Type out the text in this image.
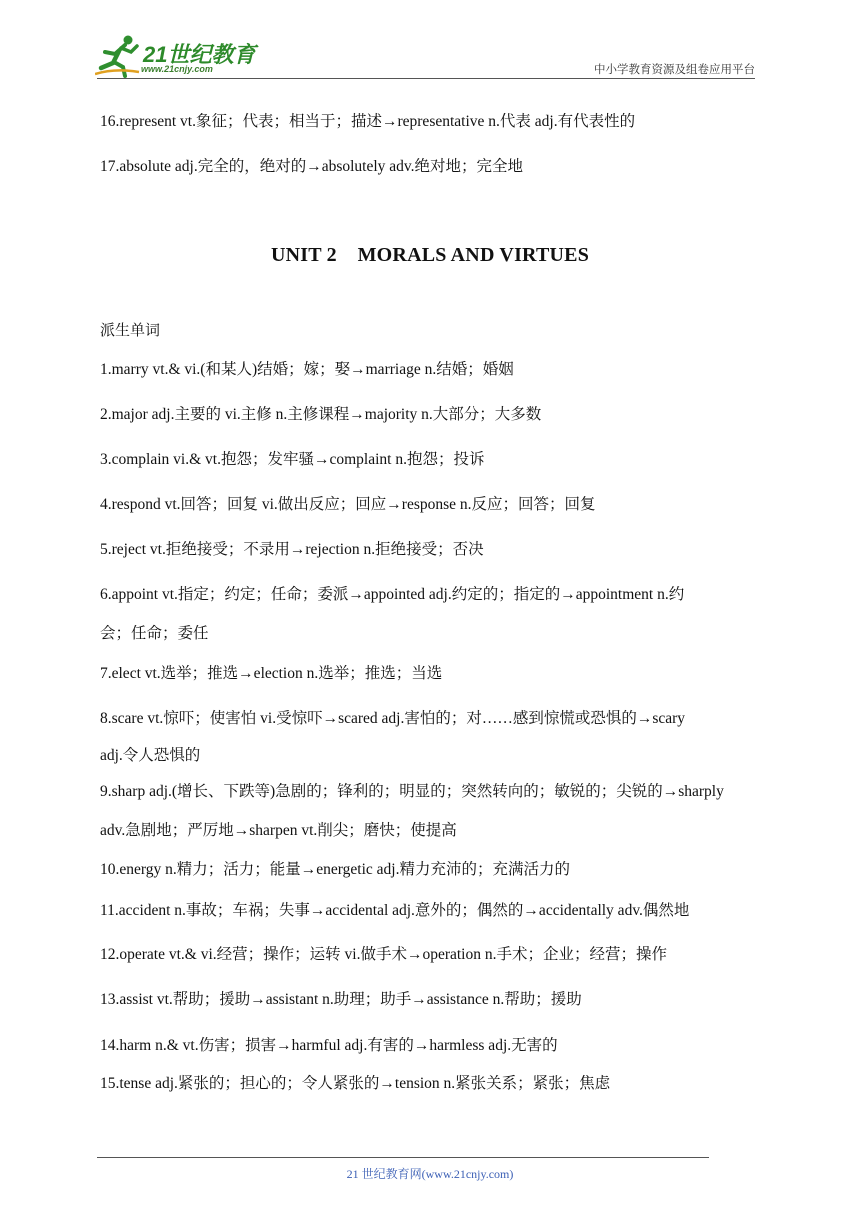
21世纪教育
www.21cnjy.com	中小学教育资源及组卷应用平台
16.represent vt.象征；代表；相当于；描述→representative n.代表 adj.有代表性的
17.absolute adj.完全的，绝对的→absolutely adv.绝对地；完全地
UNIT 2    MORALS AND VIRTUES
派生单词
1.marry vt.& vi.(和某人)结婚；嫁；娶→marriage n.结婚；婚姻
2.major adj.主要的 vi.主修 n.主修课程→majority n.大部分；大多数
3.complain vi.& vt.抱怨；发牢骚→complaint n.抱怨；投诉
4.respond vt.回答；回复 vi.做出反应；回应→response n.反应；回答；回复
5.reject vt.拒绝接受；不录用→rejection n.拒绝接受；否决
6.appoint vt.指定；约定；任命；委派→appointed adj.约定的；指定的→appointment n.约
会；任命；委任
7.elect vt.选举；推选→election n.选举；推选；当选
8.scare vt.惊吓；使害怕 vi.受惊吓→scared adj.害怕的；对……感到惊慌或恐惧的→scary
adj.令人恐惧的
9.sharp adj.(增长、下跌等)急剧的；锋利的；明显的；突然转向的；敏锐的；尖锐的→sharply
adv.急剧地；严厉地→sharpen vt.削尖；磨快；使提高
10.energy n.精力；活力；能量→energetic adj.精力充沛的；充满活力的
11.accident n.事故；车祸；失事→accidental adj.意外的；偶然的→accidentally adv.偶然地
12.operate vt.& vi.经营；操作；运转 vi.做手术→operation n.手术；企业；经营；操作
13.assist vt.帮助；援助→assistant n.助理；助手→assistance n.帮助；援助
14.harm n.& vt.伤害；损害→harmful adj.有害的→harmless adj.无害的
15.tense adj.紧张的；担心的；令人紧张的→tension n.紧张关系；紧张；焦虑
21 世纪教育网(www.21cnjy.com)
